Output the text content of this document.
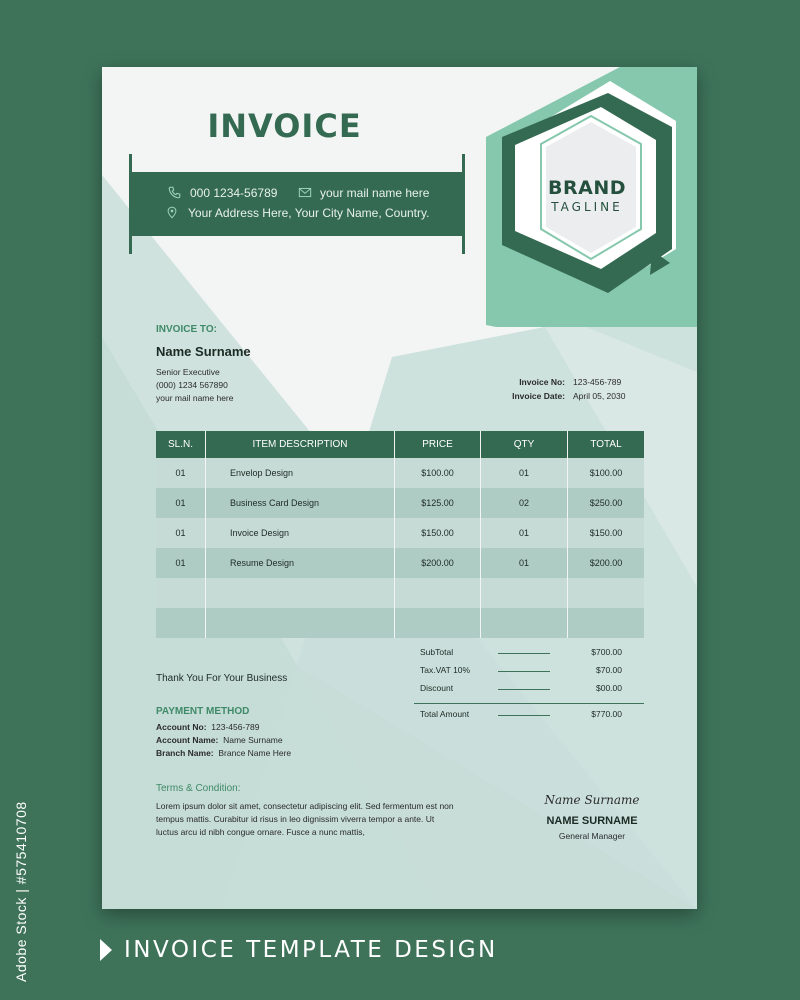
BRAND
TAGLINE
INVOICE
000 1234-56789	your mail name here
Your Address Here, Your City Name, Country.
INVOICE TO:
Name Surname
Senior Executive
(000) 1234 567890
your mail name here
Invoice No: 123-456-789
Invoice Date: April 05, 2030
SL.N.	ITEM DESCRIPTION	PRICE	QTY	TOTAL
01	Envelop Design	$100.00	01	$100.00
01	Business Card Design	$125.00	02	$250.00
01	Invoice Design	$150.00	01	$150.00
01	Resume Design	$200.00	01	$200.00
SubTotal	$700.00
Tax.VAT 10%	$70.00
Discount	$00.00
Total Amount	$770.00
Thank You For Your Business
PAYMENT METHOD
Account No: 123-456-789
Account Name: Name Surname
Branch Name: Brance Name Here
Terms & Condition:
Lorem ipsum dolor sit amet, consectetur adipiscing elit. Sed fermentum est non
tempus mattis. Curabitur id risus in leo dignissim viverra tempor a ante. Ut
luctus arcu id nibh congue ornare. Fusce a nunc mattis,
Name Surname
NAME SURNAME
General Manager
INVOICE TEMPLATE DESIGN
Adobe Stock | #575410708
